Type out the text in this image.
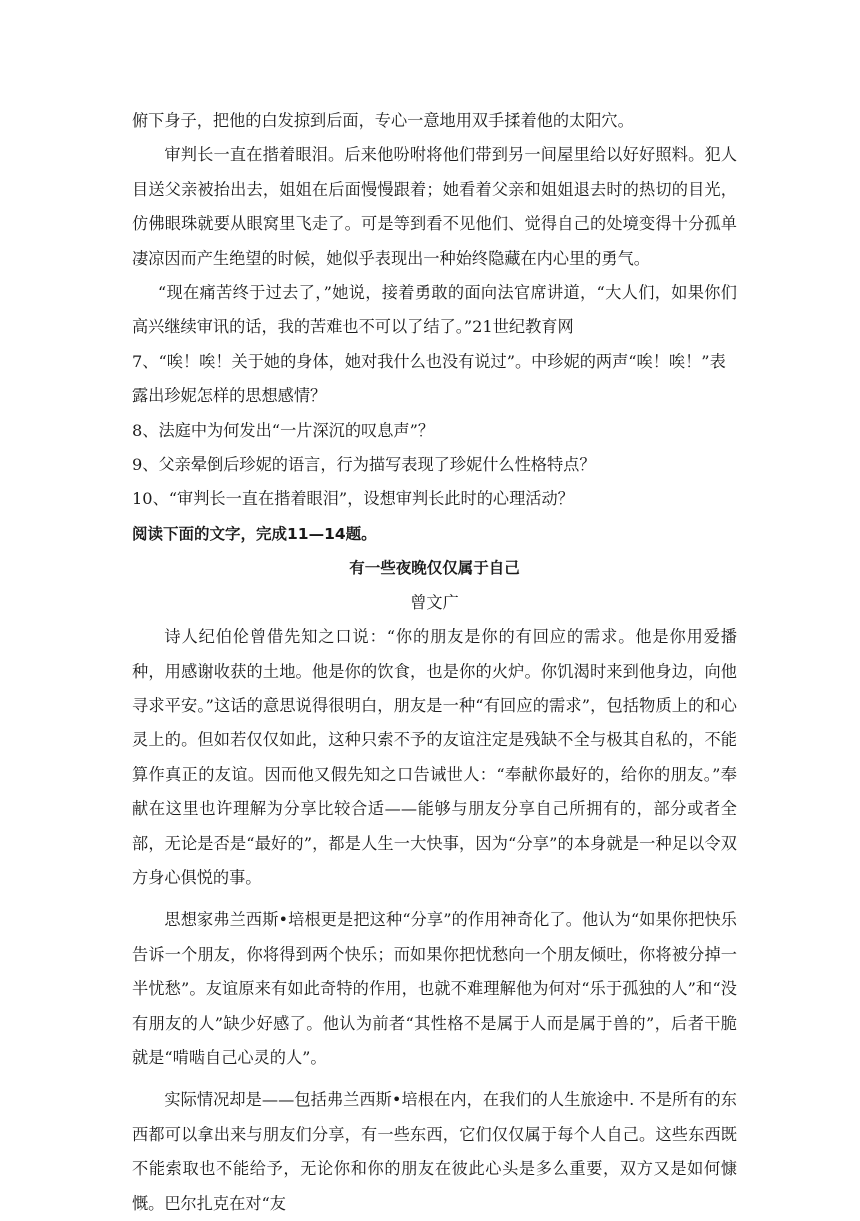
俯下身子，把他的白发掠到后面，专心一意地用双手揉着他的太阳穴。

审判长一直在揩着眼泪。后来他吩咐将他们带到另一间屋里给以好好照料。犯人目送父亲被抬出去，姐姐在后面慢慢跟着；她看着父亲和姐姐退去时的热切的目光，仿佛眼珠就要从眼窝里飞走了。可是等到看不见他们、觉得自己的处境变得十分孤单凄凉因而产生绝望的时候，她似乎表现出一种始终隐藏在内心里的勇气。

“现在痛苦终于过去了，”她说，接着勇敢的面向法官席讲道，“大人们，如果你们高兴继续审讯的话，我的苦难也不可以了结了。”21世纪教育网

7、“唉！唉！关于她的身体，她对我什么也没有说过”。中珍妮的两声“唉！唉！”表露出珍妮怎样的思想感情？

8、法庭中为何发出“一片深沉的叹息声”？

9、父亲晕倒后珍妮的语言，行为描写表现了珍妮什么性格特点？

10、“审判长一直在揩着眼泪”，设想审判长此时的心理活动？

阅读下面的文字，完成11—14题。

有一些夜晚仅仅属于自己

曾文广

诗人纪伯伦曾借先知之口说：“你的朋友是你的有回应的需求。他是你用爱播种，用感谢收获的土地。他是你的饮食，也是你的火炉。你饥渴时来到他身边，向他寻求平安。”这话的意思说得很明白，朋友是一种“有回应的需求”，包括物质上的和心灵上的。但如若仅仅如此，这种只索不予的友谊注定是残缺不全与极其自私的，不能算作真正的友谊。因而他又假先知之口告诫世人：“奉献你最好的，给你的朋友。”奉献在这里也许理解为分享比较合适——能够与朋友分享自己所拥有的，部分或者全部，无论是否是“最好的”，都是人生一大快事，因为“分享”的本身就是一种足以令双方身心俱悦的事。

思想家弗兰西斯•培根更是把这种“分享”的作用神奇化了。他认为“如果你把快乐告诉一个朋友，你将得到两个快乐；而如果你把忧愁向一个朋友倾吐，你将被分掉一半忧愁”。友谊原来有如此奇特的作用，也就不难理解他为何对“乐于孤独的人”和“没有朋友的人”缺少好感了。他认为前者“其性格不是属于人而是属于兽的”，后者干脆就是“啃啮自己心灵的人”。

实际情况却是——包括弗兰西斯•培根在内，在我们的人生旅途中. 不是所有的东西都可以拿出来与朋友们分享，有一些东西，它们仅仅属于每个人自己。这些东西既不能索取也不能给予，无论你和你的朋友在彼此心头是多么重要，双方又是如何慷慨。巴尔扎克在对“友
